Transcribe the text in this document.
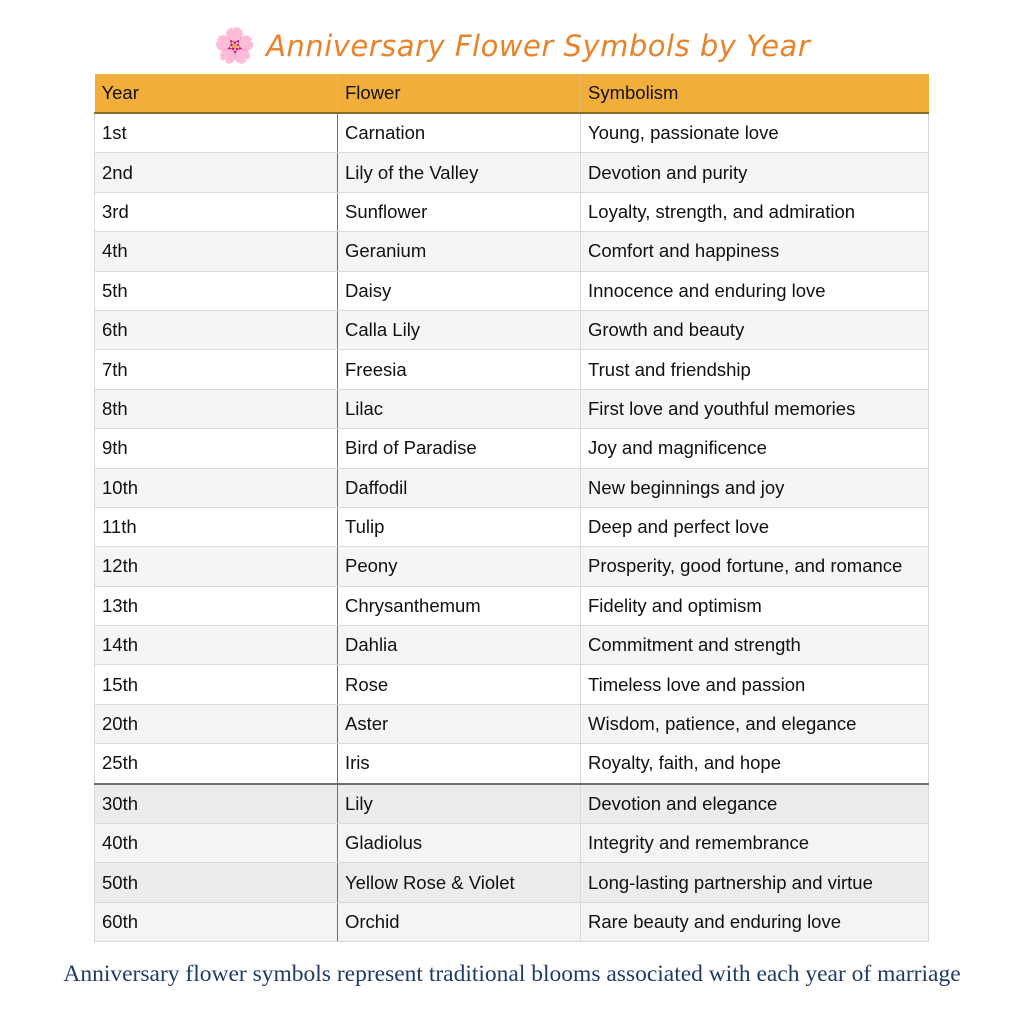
🌸 Anniversary Flower Symbols by Year
Year	Flower	Symbolism
1st	Carnation	Young, passionate love
2nd	Lily of the Valley	Devotion and purity
3rd	Sunflower	Loyalty, strength, and admiration
4th	Geranium	Comfort and happiness
5th	Daisy	Innocence and enduring love
6th	Calla Lily	Growth and beauty
7th	Freesia	Trust and friendship
8th	Lilac	First love and youthful memories
9th	Bird of Paradise	Joy and magnificence
10th	Daffodil	New beginnings and joy
11th	Tulip	Deep and perfect love
12th	Peony	Prosperity, good fortune, and romance
13th	Chrysanthemum	Fidelity and optimism
14th	Dahlia	Commitment and strength
15th	Rose	Timeless love and passion
20th	Aster	Wisdom, patience, and elegance
25th	Iris	Royalty, faith, and hope
30th	Lily	Devotion and elegance
40th	Gladiolus	Integrity and remembrance
50th	Yellow Rose & Violet	Long-lasting partnership and virtue
60th	Orchid	Rare beauty and enduring love
Anniversary flower symbols represent traditional blooms associated with each year of marriage
